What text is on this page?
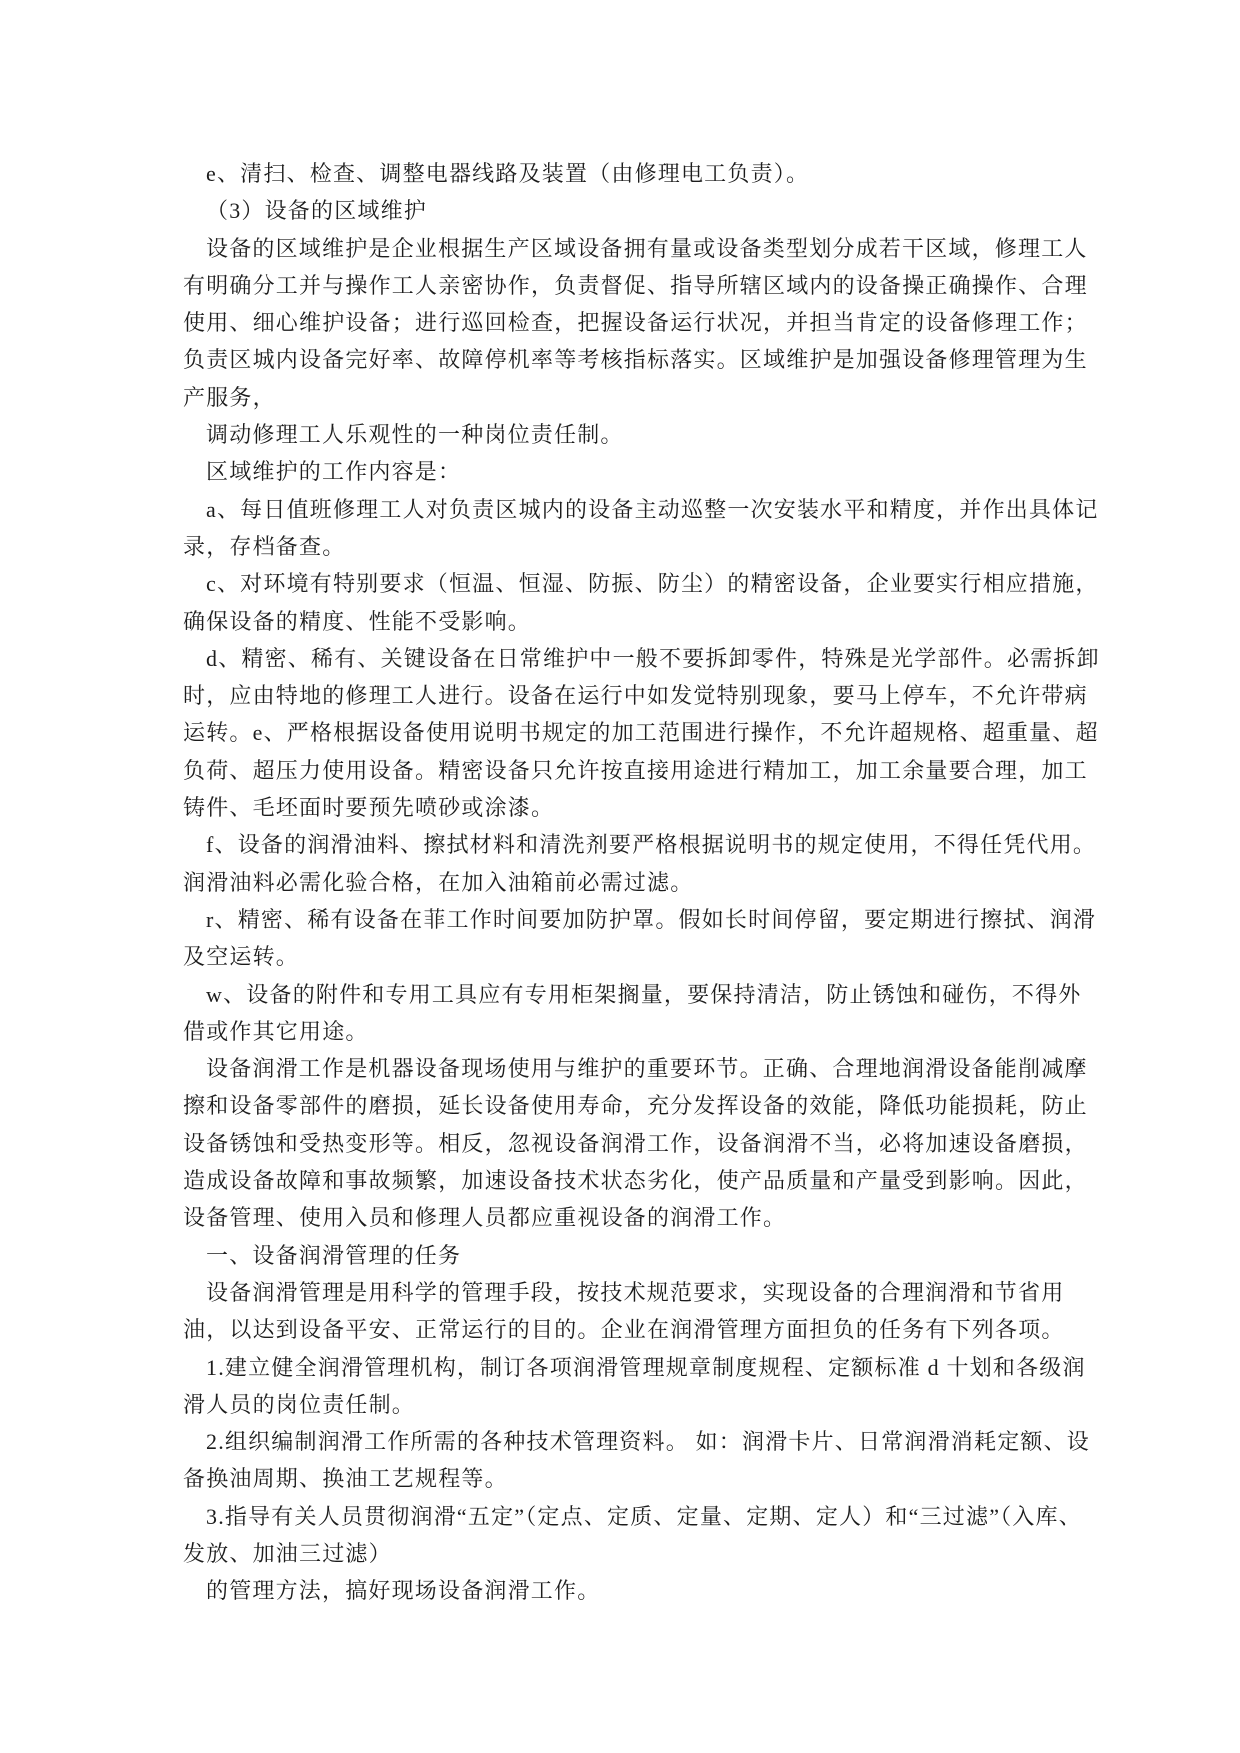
e、清扫、检查、调整电器线路及装置（由修理电工负责）。
（3）设备的区域维护
设备的区域维护是企业根据生产区域设备拥有量或设备类型划分成若干区域，修理工人
有明确分工并与操作工人亲密协作，负责督促、指导所辖区域内的设备操正确操作、合理
使用、细心维护设备；进行巡回检查，把握设备运行状况，并担当肯定的设备修理工作；
负责区城内设备完好率、故障停机率等考核指标落实。区域维护是加强设备修理管理为生
产服务，
调动修理工人乐观性的一种岗位责任制。
区域维护的工作内容是：
a、每日值班修理工人对负责区城内的设备主动巡整一次安装水平和精度，并作出具体记
录，存档备查。
c、对环境有特别要求（恒温、恒湿、防振、防尘）的精密设备，企业要实行相应措施，
确保设备的精度、性能不受影响。
d、精密、稀有、关键设备在日常维护中一般不要拆卸零件，特殊是光学部件。必需拆卸
时，应由特地的修理工人进行。设备在运行中如发觉特别现象，要马上停车，不允许带病
运转。e、严格根据设备使用说明书规定的加工范围进行操作，不允许超规格、超重量、超
负荷、超压力使用设备。精密设备只允许按直接用途进行精加工，加工余量要合理，加工
铸件、毛坯面时要预先喷砂或涂漆。
f、设备的润滑油料、擦拭材料和清洗剂要严格根据说明书的规定使用，不得任凭代用。
润滑油料必需化验合格，在加入油箱前必需过滤。
r、精密、稀有设备在菲工作时间要加防护罩。假如长时间停留，要定期进行擦拭、润滑
及空运转。
w、设备的附件和专用工具应有专用柜架搁量，要保持清洁，防止锈蚀和碰伤，不得外
借或作其它用途。
设备润滑工作是机器设备现场使用与维护的重要环节。正确、合理地润滑设备能削减摩
擦和设备零部件的磨损，延长设备使用寿命，充分发挥设备的效能，降低功能损耗，防止
设备锈蚀和受热变形等。相反，忽视设备润滑工作，设备润滑不当，必将加速设备磨损，
造成设备故障和事故频繁，加速设备技术状态劣化，使产品质量和产量受到影响。因此，
设备管理、使用入员和修理人员都应重视设备的润滑工作。
一、设备润滑管理的任务
设备润滑管理是用科学的管理手段，按技术规范要求，实现设备的合理润滑和节省用
油，以达到设备平安、正常运行的目的。企业在润滑管理方面担负的任务有下列各项。
1.建立健全润滑管理机构，制订各项润滑管理规章制度规程、定额标准 d 十划和各级润
滑人员的岗位责任制。
2.组织编制润滑工作所需的各种技术管理资料。 如：润滑卡片、日常润滑消耗定额、设
备换油周期、换油工艺规程等。
3.指导有关人员贯彻润滑“五定”（定点、定质、定量、定期、定人）和“三过滤”（入库、
发放、加油三过滤）
的管理方法，搞好现场设备润滑工作。
